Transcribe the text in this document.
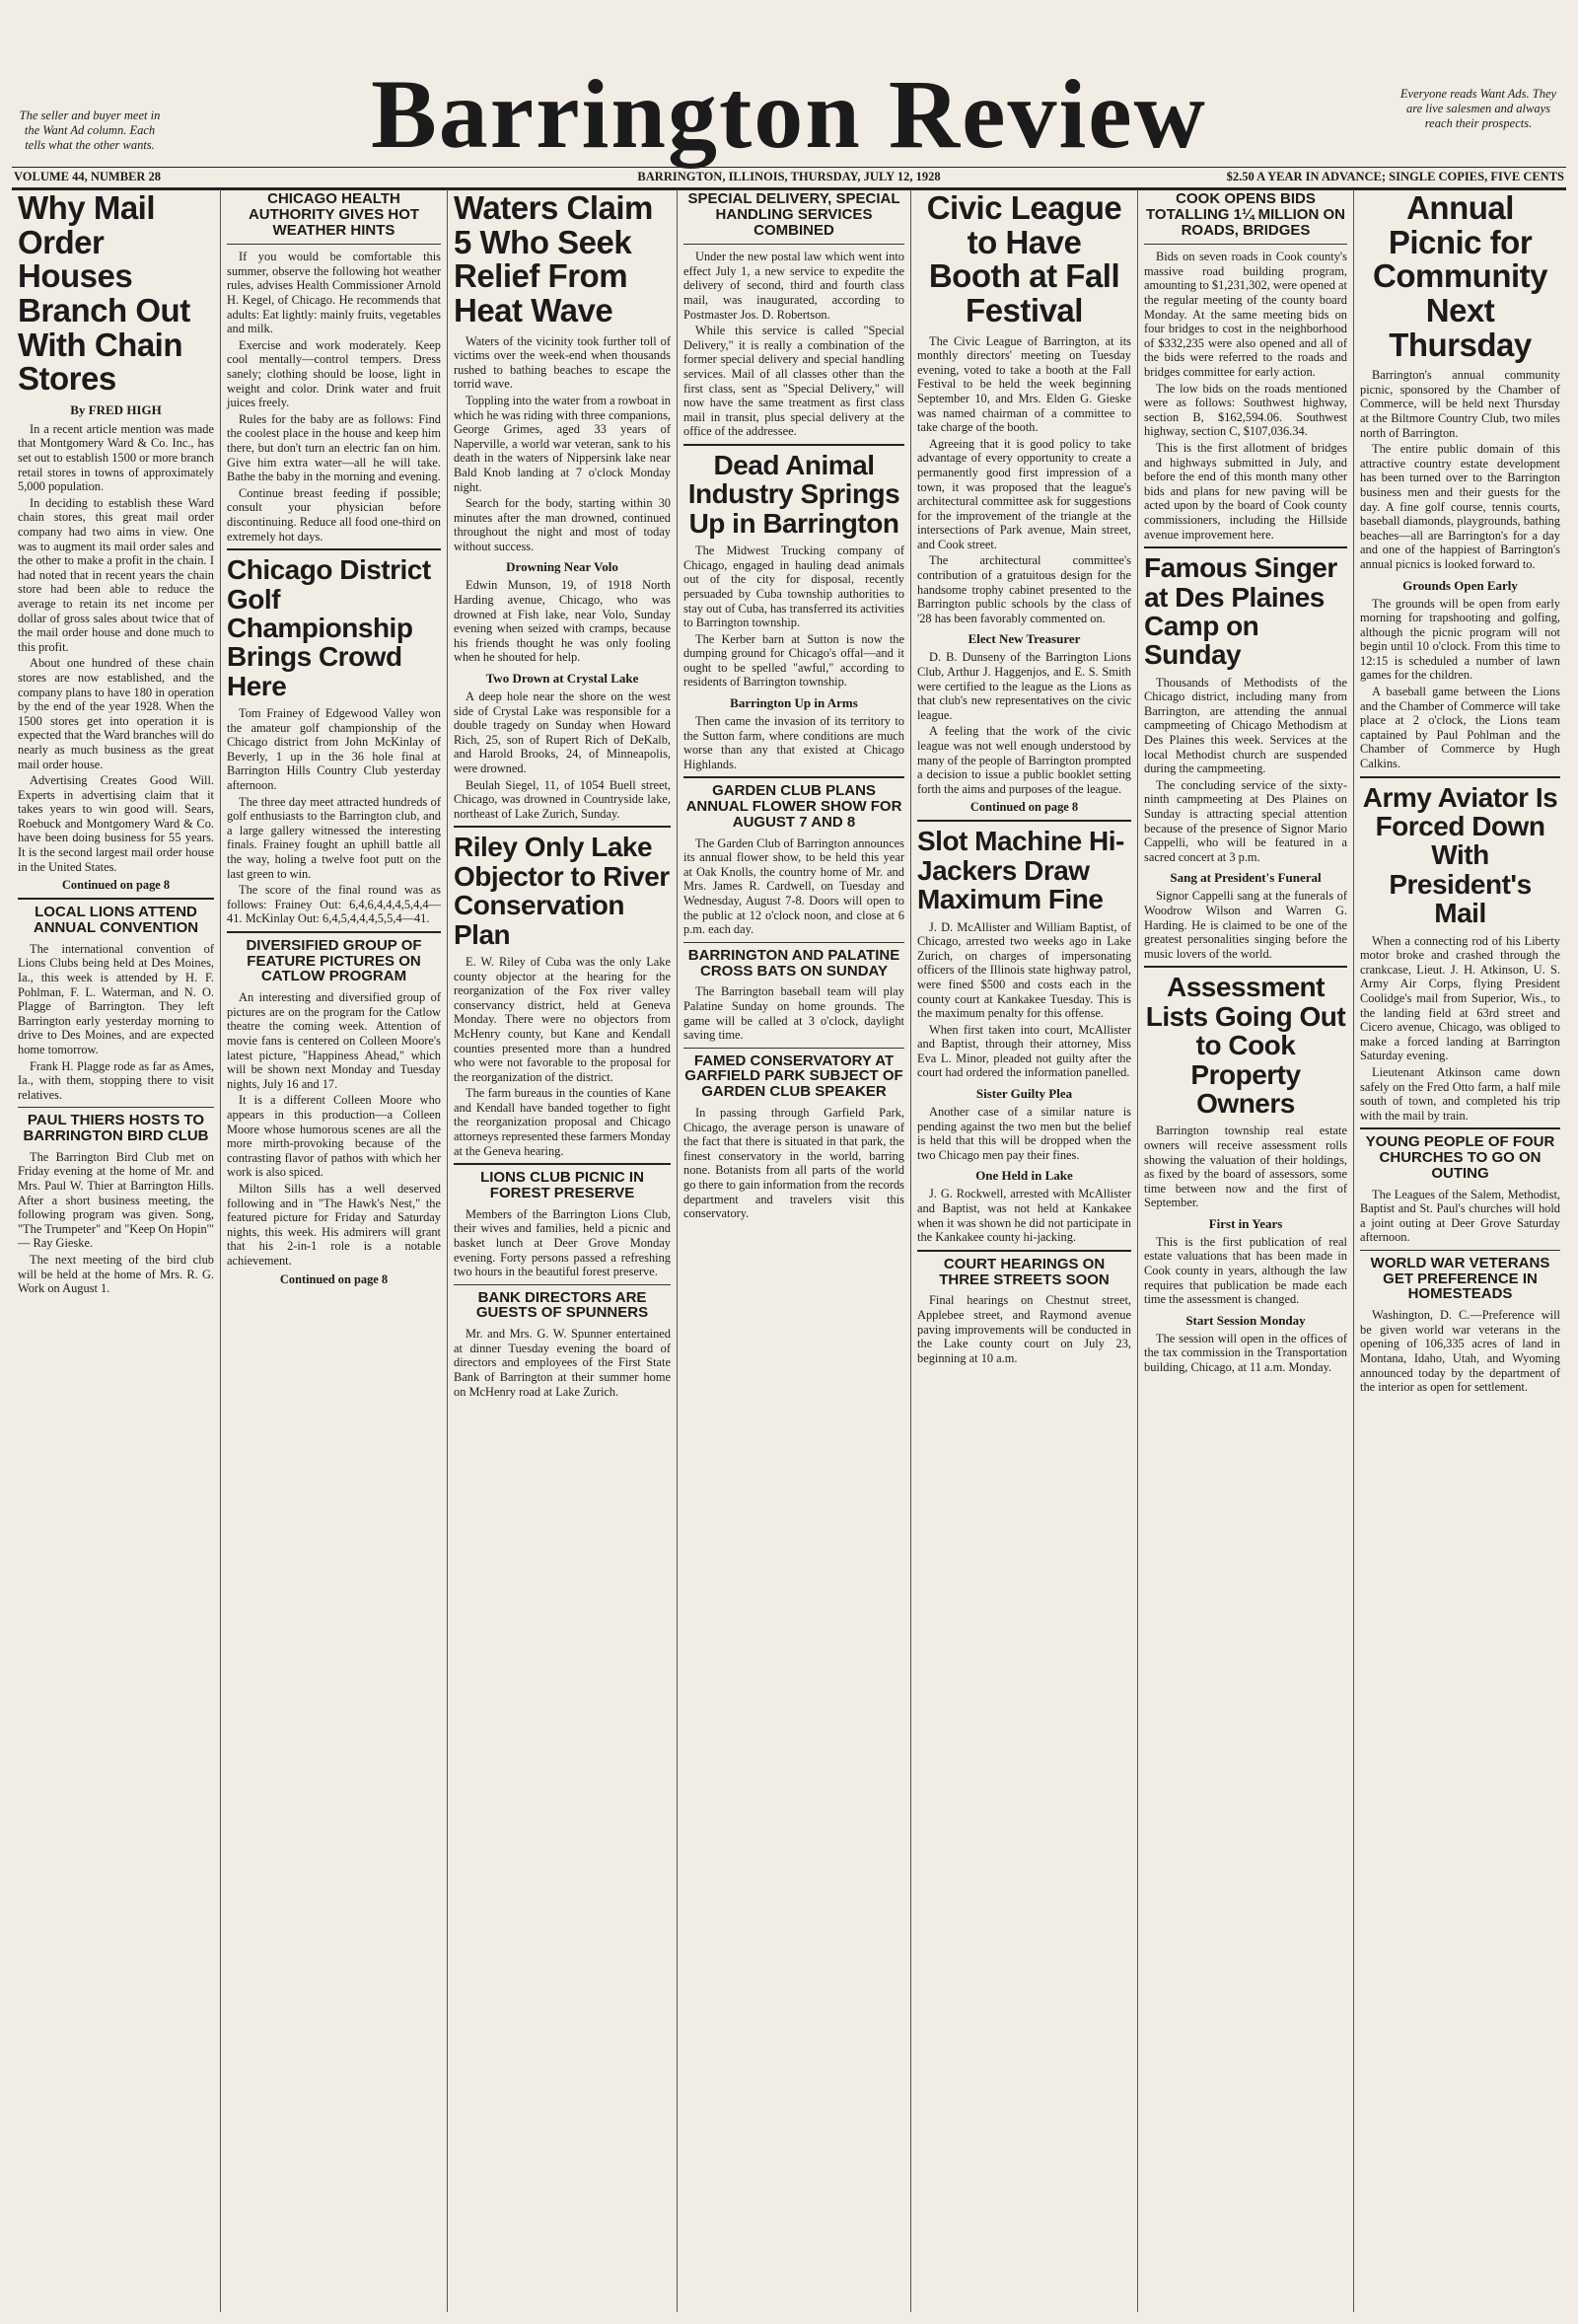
The seller and buyer meet in the Want Ad column. Each tells what the other wants.	Barrington Review	Everyone reads Want Ads. They are live salesmen and always reach their prospects.
VOLUME 44, NUMBER 28	BARRINGTON, ILLINOIS, THURSDAY, JULY 12, 1928	$2.50 A YEAR IN ADVANCE; SINGLE COPIES, FIVE CENTS
Why Mail Order Houses Branch Out With Chain Stores
By FRED HIGH

In a recent article mention was made that Montgomery Ward & Co. Inc., has set out to establish 1500 or more branch retail stores in towns of approximately 5,000 population.

In deciding to establish these Ward chain stores, this great mail order company had two aims in view. One was to augment its mail order sales and the other to make a profit in the chain. I had noted that in recent years the chain store had been able to reduce the average to retain its net income per dollar of gross sales about twice that of the mail order house and done much to this profit.

About one hundred of these chain stores are now established, and the company plans to have 180 in operation by the end of the year 1928. When the 1500 stores get into operation it is expected that the Ward branches will do nearly as much business as the great mail order house.

Advertising Creates Good Will. Experts in advertising claim that it takes years to win good will. Sears, Roebuck and Montgomery Ward & Co. have been doing business for 55 years. It is the second largest mail order house in the United States.

Continued on page 8
LOCAL LIONS ATTEND ANNUAL CONVENTION

The international convention of Lions Clubs being held at Des Moines, Ia., this week is attended by H. F. Pohlman, F. L. Waterman, and N. O. Plagge of Barrington. They left Barrington early yesterday morning to drive to Des Moines, and are expected home tomorrow.

Frank H. Plagge rode as far as Ames, Ia., with them, stopping there to visit relatives.

PAUL THIERS HOSTS TO BARRINGTON BIRD CLUB

The Barrington Bird Club met on Friday evening at the home of Mr. and Mrs. Paul W. Thier at Barrington Hills. After a short business meeting, the following program was given. Song, "The Trumpeter" and "Keep On Hopin'" — Ray Gieske.

The next meeting of the bird club will be held at the home of Mrs. R. G. Work on August 1.

CHICAGO HEALTH AUTHORITY GIVES HOT WEATHER HINTS

If you would be comfortable this summer, observe the following hot weather rules, advises Health Commissioner Arnold H. Kegel, of Chicago. He recommends that adults: Eat lightly: mainly fruits, vegetables and milk.

Exercise and work moderately. Keep cool mentally—control tempers. Dress sanely; clothing should be loose, light in weight and color. Drink water and fruit juices freely.

Rules for the baby are as follows: Find the coolest place in the house and keep him there, but don't turn an electric fan on him. Give him extra water—all he will take. Bathe the baby in the morning and evening.

Continue breast feeding if possible; consult your physician before discontinuing. Reduce all food one-third on extremely hot days.

Chicago District Golf Championship Brings Crowd Here

Tom Frainey of Edgewood Valley won the amateur golf championship of the Chicago district from John McKinlay of Beverly, 1 up in the 36 hole final at Barrington Hills Country Club yesterday afternoon.

The three day meet attracted hundreds of golf enthusiasts to the Barrington club, and a large gallery witnessed the interesting finals. Frainey fought an uphill battle all the way, holing a twelve foot putt on the last green to win.

The score of the final round was as follows: Frainey Out: 6,4,6,4,4,4,5,4,4—41. McKinlay Out: 6,4,5,4,4,4,5,5,4—41.

DIVERSIFIED GROUP OF FEATURE PICTURES ON CATLOW PROGRAM

An interesting and diversified group of pictures are on the program for the Catlow theatre the coming week. Attention of movie fans is centered on Colleen Moore's latest picture, "Happiness Ahead," which will be shown next Monday and Tuesday nights, July 16 and 17.

It is a different Colleen Moore who appears in this production—a Colleen Moore whose humorous scenes are all the more mirth-provoking because of the contrasting flavor of pathos with which her work is also spiced.

Milton Sills has a well deserved following and in "The Hawk's Nest," the featured picture for Friday and Saturday nights, this week. His admirers will grant that his 2-in-1 role is a notable achievement.

Continued on page 8
Waters Claim 5 Who Seek Relief From Heat Wave

Waters of the vicinity took further toll of victims over the week-end when thousands rushed to bathing beaches to escape the torrid wave.

Toppling into the water from a rowboat in which he was riding with three companions, George Grimes, aged 33 years of Naperville, a world war veteran, sank to his death in the waters of Nippersink lake near Bald Knob landing at 7 o'clock Monday night.

Search for the body, starting within 30 minutes after the man drowned, continued throughout the night and most of today without success.

Drowning Near Volo

Edwin Munson, 19, of 1918 North Harding avenue, Chicago, who was drowned at Fish lake, near Volo, Sunday evening when seized with cramps, because his friends thought he was only fooling when he shouted for help.

Two Drown at Crystal Lake

A deep hole near the shore on the west side of Crystal Lake was responsible for a double tragedy on Sunday when Howard Rich, 25, son of Rupert Rich of DeKalb, and Harold Brooks, 24, of Minneapolis, were drowned.

Beulah Siegel, 11, of 1054 Buell street, Chicago, was drowned in Countryside lake, northeast of Lake Zurich, Sunday.

Riley Only Lake Objector to River Conservation Plan

E. W. Riley of Cuba was the only Lake county objector at the hearing for the reorganization of the Fox river valley conservancy district, held at Geneva Monday. There were no objectors from McHenry county, but Kane and Kendall counties presented more than a hundred who were not favorable to the proposal for the reorganization of the district.

The farm bureaus in the counties of Kane and Kendall have banded together to fight the reorganization proposal and Chicago attorneys represented these farmers Monday at the Geneva hearing.

LIONS CLUB PICNIC IN FOREST PRESERVE

Members of the Barrington Lions Club, their wives and families, held a picnic and basket lunch at Deer Grove Monday evening. Forty persons passed a refreshing two hours in the beautiful forest preserve.

BANK DIRECTORS ARE GUESTS OF SPUNNERS

Mr. and Mrs. G. W. Spunner entertained at dinner Tuesday evening the board of directors and employees of the First State Bank of Barrington at their summer home on McHenry road at Lake Zurich.

SPECIAL DELIVERY, SPECIAL HANDLING SERVICES COMBINED

Under the new postal law which went into effect July 1, a new service to expedite the delivery of second, third and fourth class mail, was inaugurated, according to Postmaster Jos. D. Robertson.

While this service is called "Special Delivery," it is really a combination of the former special delivery and special handling services. Mail of all classes other than the first class, sent as "Special Delivery," will now have the same treatment as first class mail in transit, plus special delivery at the office of the addressee.

Dead Animal Industry Springs Up in Barrington

The Midwest Trucking company of Chicago, engaged in hauling dead animals out of the city for disposal, recently persuaded by Cuba township authorities to stay out of Cuba, has transferred its activities to Barrington township.

The Kerber barn at Sutton is now the dumping ground for Chicago's offal—and it ought to be spelled "awful," according to residents of Barrington township.

Barrington Up in Arms

Then came the invasion of its territory to the Sutton farm, where conditions are much worse than any that existed at Chicago Highlands.

GARDEN CLUB PLANS ANNUAL FLOWER SHOW FOR AUGUST 7 AND 8

The Garden Club of Barrington announces its annual flower show, to be held this year at Oak Knolls, the country home of Mr. and Mrs. James R. Cardwell, on Tuesday and Wednesday, August 7-8. Doors will open to the public at 12 o'clock noon, and close at 6 p.m. each day.

BARRINGTON AND PALATINE CROSS BATS ON SUNDAY

The Barrington baseball team will play Palatine Sunday on home grounds. The game will be called at 3 o'clock, daylight saving time.

FAMED CONSERVATORY AT GARFIELD PARK SUBJECT OF GARDEN CLUB SPEAKER

In passing through Garfield Park, Chicago, the average person is unaware of the fact that there is situated in that park, the finest conservatory in the world, barring none. Botanists from all parts of the world go there to gain information from the records department and travelers visit this conservatory.

Civic League to Have Booth at Fall Festival

The Civic League of Barrington, at its monthly directors' meeting on Tuesday evening, voted to take a booth at the Fall Festival to be held the week beginning September 10, and Mrs. Elden G. Gieske was named chairman of a committee to take charge of the booth.

Agreeing that it is good policy to take advantage of every opportunity to create a permanently good first impression of a town, it was proposed that the league's architectural committee ask for suggestions for the improvement of the triangle at the intersections of Park avenue, Main street, and Cook street.

The architectural committee's contribution of a gratuitous design for the handsome trophy cabinet presented to the Barrington public schools by the class of '28 has been favorably commented on.

Elect New Treasurer

D. B. Dunseny of the Barrington Lions Club, Arthur J. Haggenjos, and E. S. Smith were certified to the league as the Lions as that club's new representatives on the civic league.

A feeling that the work of the civic league was not well enough understood by many of the people of Barrington prompted a decision to issue a public booklet setting forth the aims and purposes of the league.

Continued on page 8
Slot Machine Hi-Jackers Draw Maximum Fine

J. D. McAllister and William Baptist, of Chicago, arrested two weeks ago in Lake Zurich, on charges of impersonating officers of the Illinois state highway patrol, were fined $500 and costs each in the county court at Kankakee Tuesday. This is the maximum penalty for this offense.

When first taken into court, McAllister and Baptist, through their attorney, Miss Eva L. Minor, pleaded not guilty after the court had ordered the information panelled.

Sister Guilty Plea

Another case of a similar nature is pending against the two men but the belief is held that this will be dropped when the two Chicago men pay their fines.

One Held in Lake

J. G. Rockwell, arrested with McAllister and Baptist, was not held at Kankakee when it was shown he did not participate in the Kankakee county hi-jacking.

COURT HEARINGS ON THREE STREETS SOON

Final hearings on Chestnut street, Applebee street, and Raymond avenue paving improvements will be conducted in the Lake county court on July 23, beginning at 10 a.m.

COOK OPENS BIDS TOTALLING 1¼ MILLION ON ROADS, BRIDGES

Bids on seven roads in Cook county's massive road building program, amounting to $1,231,302, were opened at the regular meeting of the county board Monday. At the same meeting bids on four bridges to cost in the neighborhood of $332,235 were also opened and all of the bids were referred to the roads and bridges committee for early action.

The low bids on the roads mentioned were as follows: Southwest highway, section B, $162,594.06. Southwest highway, section C, $107,036.34.

This is the first allotment of bridges and highways submitted in July, and before the end of this month many other bids and plans for new paving will be acted upon by the board of Cook county commissioners, including the Hillside avenue improvement here.

Famous Singer at Des Plaines Camp on Sunday

Thousands of Methodists of the Chicago district, including many from Barrington, are attending the annual campmeeting of Chicago Methodism at Des Plaines this week. Services at the local Methodist church are suspended during the campmeeting.

The concluding service of the sixty-ninth campmeeting at Des Plaines on Sunday is attracting special attention because of the presence of Signor Mario Cappelli, who will be featured in a sacred concert at 3 p.m.

Sang at President's Funeral

Signor Cappelli sang at the funerals of Woodrow Wilson and Warren G. Harding. He is claimed to be one of the greatest personalities singing before the music lovers of the world.

Assessment Lists Going Out to Cook Property Owners

Barrington township real estate owners will receive assessment rolls showing the valuation of their holdings, as fixed by the board of assessors, some time between now and the first of September.

First in Years

This is the first publication of real estate valuations that has been made in Cook county in years, although the law requires that publication be made each time the assessment is changed.

Start Session Monday

The session will open in the offices of the tax commission in the Transportation building, Chicago, at 11 a.m. Monday.

Annual Picnic for Community Next Thursday

Barrington's annual community picnic, sponsored by the Chamber of Commerce, will be held next Thursday at the Biltmore Country Club, two miles north of Barrington.

The entire public domain of this attractive country estate development has been turned over to the Barrington business men and their guests for the day. A fine golf course, tennis courts, baseball diamonds, playgrounds, bathing beaches—all are Barrington's for a day and one of the happiest of Barrington's annual picnics is looked forward to.

Grounds Open Early

The grounds will be open from early morning for trapshooting and golfing, although the picnic program will not begin until 10 o'clock. From this time to 12:15 is scheduled a number of lawn games for the children.

A baseball game between the Lions and the Chamber of Commerce will take place at 2 o'clock, the Lions team captained by Paul Pohlman and the Chamber of Commerce by Hugh Calkins.

Army Aviator Is Forced Down With President's Mail

When a connecting rod of his Liberty motor broke and crashed through the crankcase, Lieut. J. H. Atkinson, U. S. Army Air Corps, flying President Coolidge's mail from Superior, Wis., to the landing field at 63rd street and Cicero avenue, Chicago, was obliged to make a forced landing at Barrington Saturday evening.

Lieutenant Atkinson came down safely on the Fred Otto farm, a half mile south of town, and completed his trip with the mail by train.

YOUNG PEOPLE OF FOUR CHURCHES TO GO ON OUTING

The Leagues of the Salem, Methodist, Baptist and St. Paul's churches will hold a joint outing at Deer Grove Saturday afternoon.

WORLD WAR VETERANS GET PREFERENCE IN HOMESTEADS

Washington, D. C.—Preference will be given world war veterans in the opening of 106,335 acres of land in Montana, Idaho, Utah, and Wyoming announced today by the department of the interior as open for settlement.
